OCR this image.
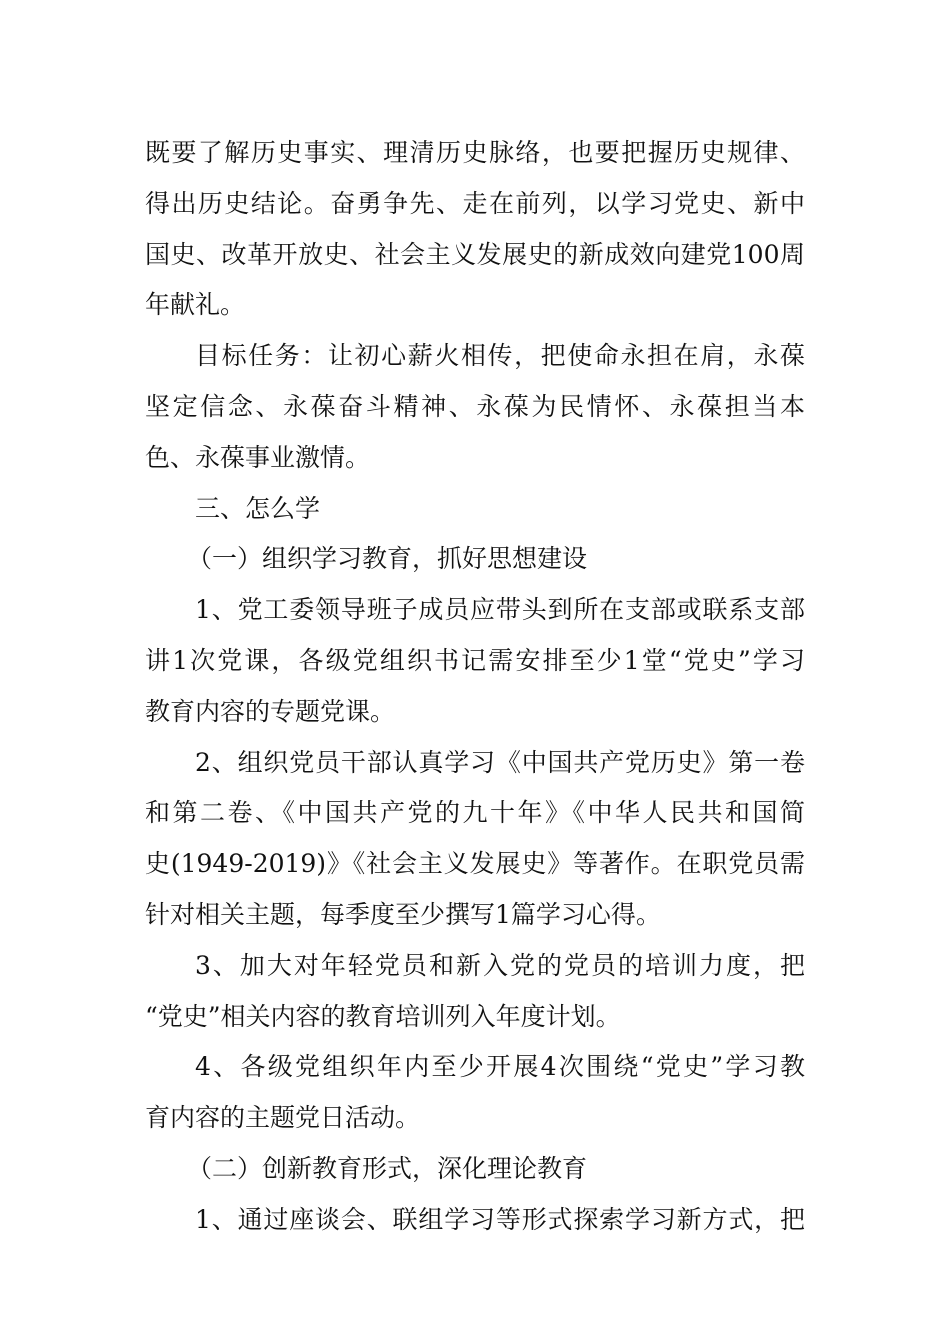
既要了解历史事实、理清历史脉络，也要把握历史规律、
得出历史结论。奋勇争先、走在前列，以学习党史、新中
国史、改革开放史、社会主义发展史的新成效向建党100周
年献礼。
目标任务：让初心薪火相传，把使命永担在肩，永葆
坚定信念、永葆奋斗精神、永葆为民情怀、永葆担当本
色、永葆事业激情。
三、怎么学
（一）组织学习教育，抓好思想建设
1、党工委领导班子成员应带头到所在支部或联系支部
讲1次党课，各级党组织书记需安排至少1堂“党史”学习
教育内容的专题党课。
2、组织党员干部认真学习《中国共产党历史》第一卷
和第二卷、《中国共产党的九十年》《中华人民共和国简
史(1949-2019)》《社会主义发展史》等著作。在职党员需
针对相关主题，每季度至少撰写1篇学习心得。
3、加大对年轻党员和新入党的党员的培训力度，把
“党史”相关内容的教育培训列入年度计划。
4、各级党组织年内至少开展4次围绕“党史”学习教
育内容的主题党日活动。
（二）创新教育形式，深化理论教育
1、通过座谈会、联组学习等形式探索学习新方式，把
